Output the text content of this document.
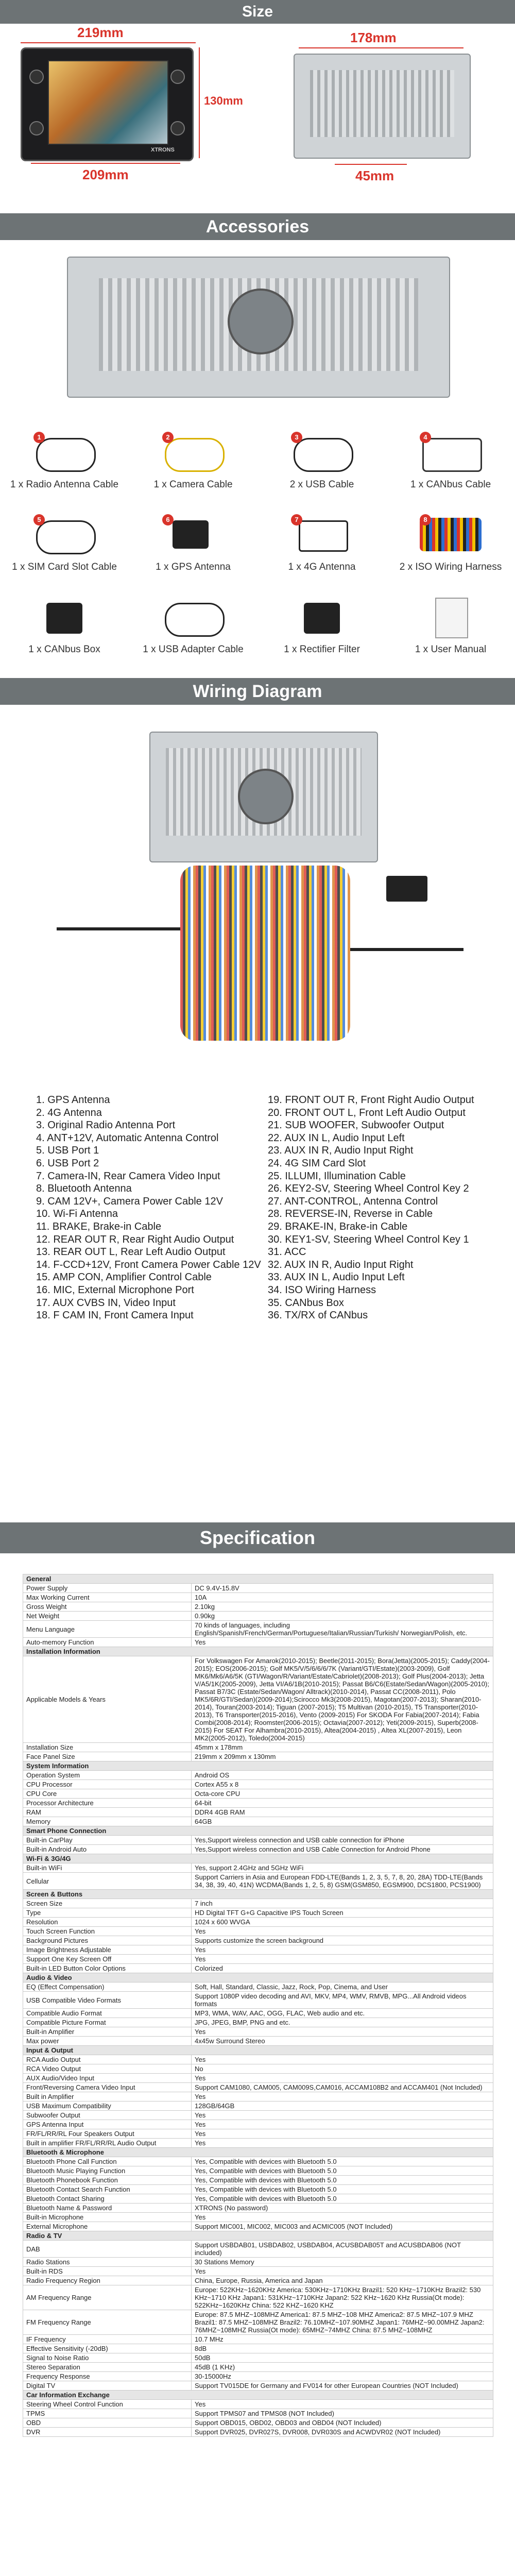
Size
219mm
XTRONS
130mm
209mm
178mm
45mm
Accessories
1
1 x Radio Antenna Cable
2
1 x Camera Cable
3
2 x USB Cable
4
1 x CANbus Cable
5
1 x SIM Card Slot Cable
6
1 x GPS Antenna
7
1 x 4G Antenna
8
2 x ISO Wiring Harness
1 x CANbus Box	1 x USB Adapter Cable	1 x Rectifier Filter	1 x User Manual
Wiring Diagram
1. GPS Antenna
2. 4G Antenna
3. Original Radio Antenna Port
4. ANT+12V, Automatic Antenna Control
5. USB Port 1
6. USB Port 2
7. Camera-IN, Rear Camera Video Input
8. Bluetooth Antenna
9. CAM 12V+, Camera Power Cable 12V
10. Wi-Fi Antenna
11. BRAKE, Brake-in Cable
12. REAR OUT R, Rear Right Audio Output
13. REAR OUT L, Rear Left Audio Output
14. F-CCD+12V, Front Camera Power Cable 12V
15. AMP CON, Amplifier Control Cable
16. MIC, External Microphone Port
17. AUX CVBS IN, Video Input
18. F CAM IN, Front Camera Input
19. FRONT OUT R, Front Right Audio Output
20. FRONT OUT L, Front Left Audio Output
21. SUB WOOFER, Subwoofer Output
22. AUX IN L, Audio Input Left
23. AUX IN R, Audio Input Right
24. 4G SIM Card Slot
25. ILLUMI, Illumination Cable
26. KEY2-SV, Steering Wheel Control Key 2
27. ANT-CONTROL, Antenna Control
28. REVERSE-IN, Reverse in Cable
29. BRAKE-IN, Brake-in Cable
30. KEY1-SV, Steering Wheel Control Key 1
31. ACC
32. AUX IN R, Audio Input Right
33. AUX IN L, Audio Input Left
34. ISO Wiring Harness
35. CANbus Box
36. TX/RX of CANbus
Specification
General	
Power Supply	DC 9.4V-15.8V
Max Working Current	10A
Gross Weight	2.10kg
Net Weight	0.90kg
Menu Language	70 kinds of languages, including English/Spanish/French/German/Portuguese/Italian/Russian/Turkish/ Norwegian/Polish, etc.
Auto-memory Function	Yes
Installation Information	
Applicable Models & Years	For Volkswagen For Amarok(2010-2015); Beetle(2011-2015); Bora(Jetta)(2005-2015); Caddy(2004-2015); EOS(2006-2015); Golf MK5/V/5/6/6/6/7K (Variant/GTI/Estate)(2003-2009), Golf MK6/Mk6/A6/5K (GTI/Wagon/R/Variant/Estate/Cabriolet)(2008-2013); Golf Plus(2004-2013); Jetta V/A5/1K(2005-2009), Jetta VI/A6/1B(2010-2015); Passat B6/C6(Estate/Sedan/Wagon)(2005-2010); Passat B7/3C (Estate/Sedan/Wagon/ Alltrack)(2010-2014), Passat CC(2008-2011), Polo MK5/6R/GTI/Sedan)(2009-2014);Scirocco Mk3(2008-2015), Magotan(2007-2013); Sharan(2010-2014), Touran(2003-2014); Tiguan (2007-2015); T5 Multivan (2010-2015), T5 Transporter(2010-2013), T6 Transporter(2015-2016), Vento (2009-2015) For SKODA For Fabia(2007-2014); Fabia Combi(2008-2014); Roomster(2006-2015); Octavia(2007-2012); Yeti(2009-2015), Superb(2008-2015) For SEAT For Alhambra(2010-2015), Altea(2004-2015) , Altea XL(2007-2015), Leon MK2(2005-2012), Toledo(2004-2015)
Installation Size	45mm x 178mm
Face Panel Size	219mm x 209mm x 130mm
System Information	
Operation System	Android OS
CPU Processor	Cortex A55 x 8
CPU Core	Octa-core CPU
Processor Architecture	64-bit
RAM	DDR4 4GB RAM
Memory	64GB
Smart Phone Connection	
Built-in CarPlay	Yes,Support wireless connection and USB cable connection for iPhone
Built-in Android Auto	Yes,Support wireless connection and USB Cable Connection for Android Phone
Wi-Fi & 3G/4G	
Built-in WiFi	Yes, support 2.4GHz and 5GHz WiFi
Cellular	Support Carriers in Asia and European FDD-LTE(Bands 1, 2, 3, 5, 7, 8, 20, 28A) TDD-LTE(Bands 34, 38, 39, 40, 41N) WCDMA(Bands 1, 2, 5, 8) GSM(GSM850, EGSM900, DCS1800, PCS1900)
Screen & Buttons	
Screen Size	7 inch
Type	HD Digital TFT G+G Capacitive IPS Touch Screen
Resolution	1024 x 600 WVGA
Touch Screen Function	Yes
Background Pictures	Supports customize the screen background
Image Brightness Adjustable	Yes
Support One Key Screen Off	Yes
Built-in LED Button Color Options	Colorized
Audio & Video	
EQ (Effect Compensation)	Soft, Hall, Standard, Classic, Jazz, Rock, Pop, Cinema, and User
USB Compatible Video Formats	Support 1080P video decoding and AVI, MKV, MP4, WMV, RMVB, MPG...All Android videos formats
Compatible Audio Format	MP3, WMA, WAV, AAC, OGG, FLAC, Web audio and etc.
Compatible Picture Format	JPG, JPEG, BMP, PNG and etc.
Built-in Amplifier	Yes
Max power	4x45w Surround Stereo
Input & Output	
RCA Audio Output	Yes
RCA Video Output	No
AUX Audio/Video Input	Yes
Front/Reversing Camera Video Input	Support CAM1080, CAM005, CAM009S,CAM016, ACCAM108B2 and ACCAM401 (Not Included)
Built in Amplifier	Yes
USB Maximum Compatibility	128GB/64GB
Subwoofer Output	Yes
GPS Antenna Input	Yes
FR/FL/RR/RL Four Speakers Output	Yes
Built in amplifier FR/FL/RR/RL Audio Output	Yes
Bluetooth & Microphone	
Bluetooth Phone Call Function	Yes, Compatible with devices with Bluetooth 5.0
Bluetooth Music Playing Function	Yes, Compatible with devices with Bluetooth 5.0
Bluetooth Phonebook Function	Yes, Compatible with devices with Bluetooth 5.0
Bluetooth Contact Search Function	Yes, Compatible with devices with Bluetooth 5.0
Bluetooth Contact Sharing	Yes, Compatible with devices with Bluetooth 5.0
Bluetooth Name & Password	XTRONS (No password)
Built-in Microphone	Yes
External Microphone	Support MIC001, MIC002, MIC003 and ACMIC005 (NOT Included)
Radio & TV	
DAB	Support USBDAB01, USBDAB02, USBDAB04, ACUSBDAB05T and ACUSBDAB06 (NOT included)
Radio Stations	30 Stations Memory
Built-in RDS	Yes
Radio Frequency Region	China, Europe, Russia, America and Japan
AM Frequency Range	Europe: 522KHz~1620KHz America: 530KHz~1710KHz Brazil1: 520 KHz~1710KHz Brazil2: 530 KHz~1710 KHz Japan1: 531KHz~1710KHz Japan2: 522 KHz~1620 KHz Russia(Ot mode): 522KHz~1620KHz China: 522 KHZ~1620 KHZ
FM Frequency Range	Europe: 87.5 MHZ~108MHZ America1: 87.5 MHZ~108 MHZ America2: 87.5 MHZ~107.9 MHZ Brazil1: 87.5 MHZ~108MHZ Brazil2: 76.10MHZ~107.90MHZ Japan1: 76MHZ~90.00MHZ Japan2: 76MHZ~108MHZ Russia(Ot mode): 65MHZ~74MHZ China: 87.5 MHZ~108MHZ
IF Frequency	10.7 MHz
Effective Sensitivity (-20dB)	8dB
Signal to Noise Ratio	50dB
Stereo Separation	45dB (1 KHz)
Frequency Response	30-15000Hz
Digital TV	Support TV015DE for Germany and FV014 for other European Countries (NOT Included)
Car Information Exchange	
Steering Wheel Control Function	Yes
TPMS	Support TPMS07 and TPMS08 (NOT Included)
OBD	Support OBD015, OBD02, OBD03 and OBD04 (NOT Included)
DVR	Support DVR025, DVR027S, DVR008, DVR030S and ACWDVR02 (NOT Included)
